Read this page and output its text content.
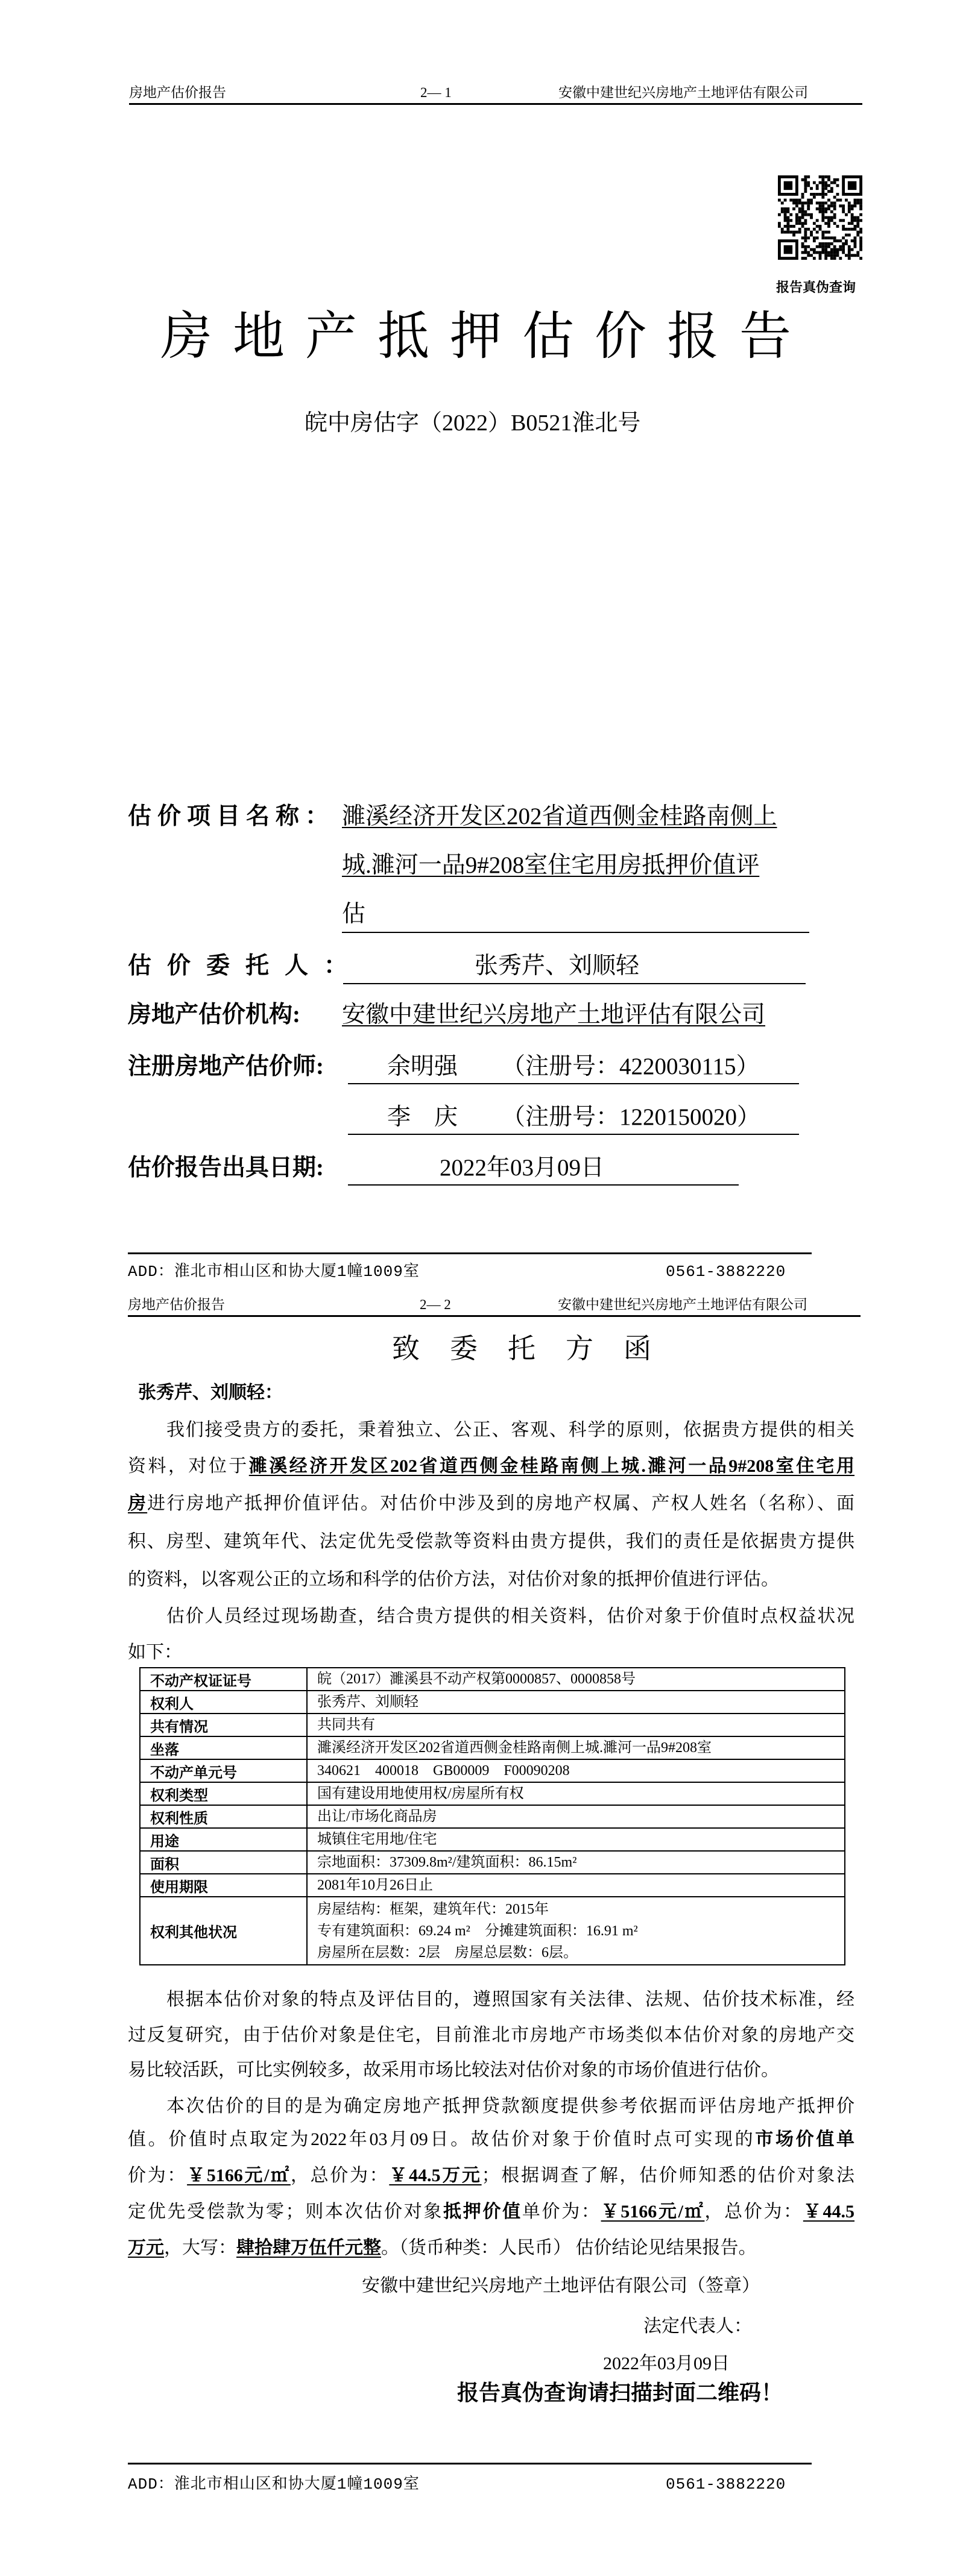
房地产估价报告	2— 1	安徽中建世纪兴房地产土地评估有限公司
报告真伪查询
房地产抵押估价报告
皖中房估字（2022）B0521淮北号
估价项目名称： 濉溪经济开发区202省道西侧金桂路南侧上
城.濉河一品9#208室住宅用房抵押价值评
估
估价委托人：	张秀芹、刘顺轻
房地产估价机构: 安徽中建世纪兴房地产土地评估有限公司
注册房地产估价师:	余明强 （注册号：4220030115）
李　庆 （注册号：1220150020）
估价报告出具日期:	2022年03月09日
ADD：淮北市相山区和协大厦1幢1009室	0561-3882220
房地产估价报告	2— 2	安徽中建世纪兴房地产土地评估有限公司
致委托方函
张秀芹、刘顺轻：
我们接受贵方的委托，秉着独立、公正、客观、科学的原则，依据贵方提供的相关
资料，对位于濉溪经济开发区202省道西侧金桂路南侧上城.濉河一品9#208室住宅用
房进行房地产抵押价值评估。对估价中涉及到的房地产权属、产权人姓名（名称）、面
积、房型、建筑年代、法定优先受偿款等资料由贵方提供，我们的责任是依据贵方提供
的资料，以客观公正的立场和科学的估价方法，对估价对象的抵押价值进行评估。
估价人员经过现场勘查，结合贵方提供的相关资料，估价对象于价值时点权益状况
如下：
不动产权证证号	皖（2017）濉溪县不动产权第0000857、0000858号

权利人	张秀芹、刘顺轻

共有情况	共同共有

坐落	濉溪经济开发区202省道西侧金桂路南侧上城.濉河一品9#208室

不动产单元号	340621　400018　GB00009　F00090208

权利类型	国有建设用地使用权/房屋所有权

权利性质	出让/市场化商品房

用途	城镇住宅用地/住宅

面积	宗地面积：37309.8m²/建筑面积：86.15m²

使用期限	2081年10月26日止

权利其他状况	房屋结构：框架，建筑年代：2015年
专有建筑面积：69.24 m²　分摊建筑面积：16.91 m²
房屋所在层数：2层　房屋总层数：6层。
根据本估价对象的特点及评估目的，遵照国家有关法律、法规、估价技术标准，经
过反复研究，由于估价对象是住宅，目前淮北市房地产市场类似本估价对象的房地产交
易比较活跃，可比实例较多，故采用市场比较法对估价对象的市场价值进行估价。
本次估价的目的是为确定房地产抵押贷款额度提供参考依据而评估房地产抵押价
值。价值时点取定为2022年03月09日。故估价对象于价值时点可实现的市场价值单
价为：￥5166元/㎡，总价为：￥44.5万元；根据调查了解，估价师知悉的估价对象法
定优先受偿款为零；则本次估价对象抵押价值单价为：￥5166元/㎡，总价为：￥44.5
万元，大写：肆拾肆万伍仟元整。（货币种类：人民币） 估价结论见结果报告。
安徽中建世纪兴房地产土地评估有限公司（签章）
法定代表人：
2022年03月09日
报告真伪查询请扫描封面二维码！
ADD：淮北市相山区和协大厦1幢1009室	0561-3882220
